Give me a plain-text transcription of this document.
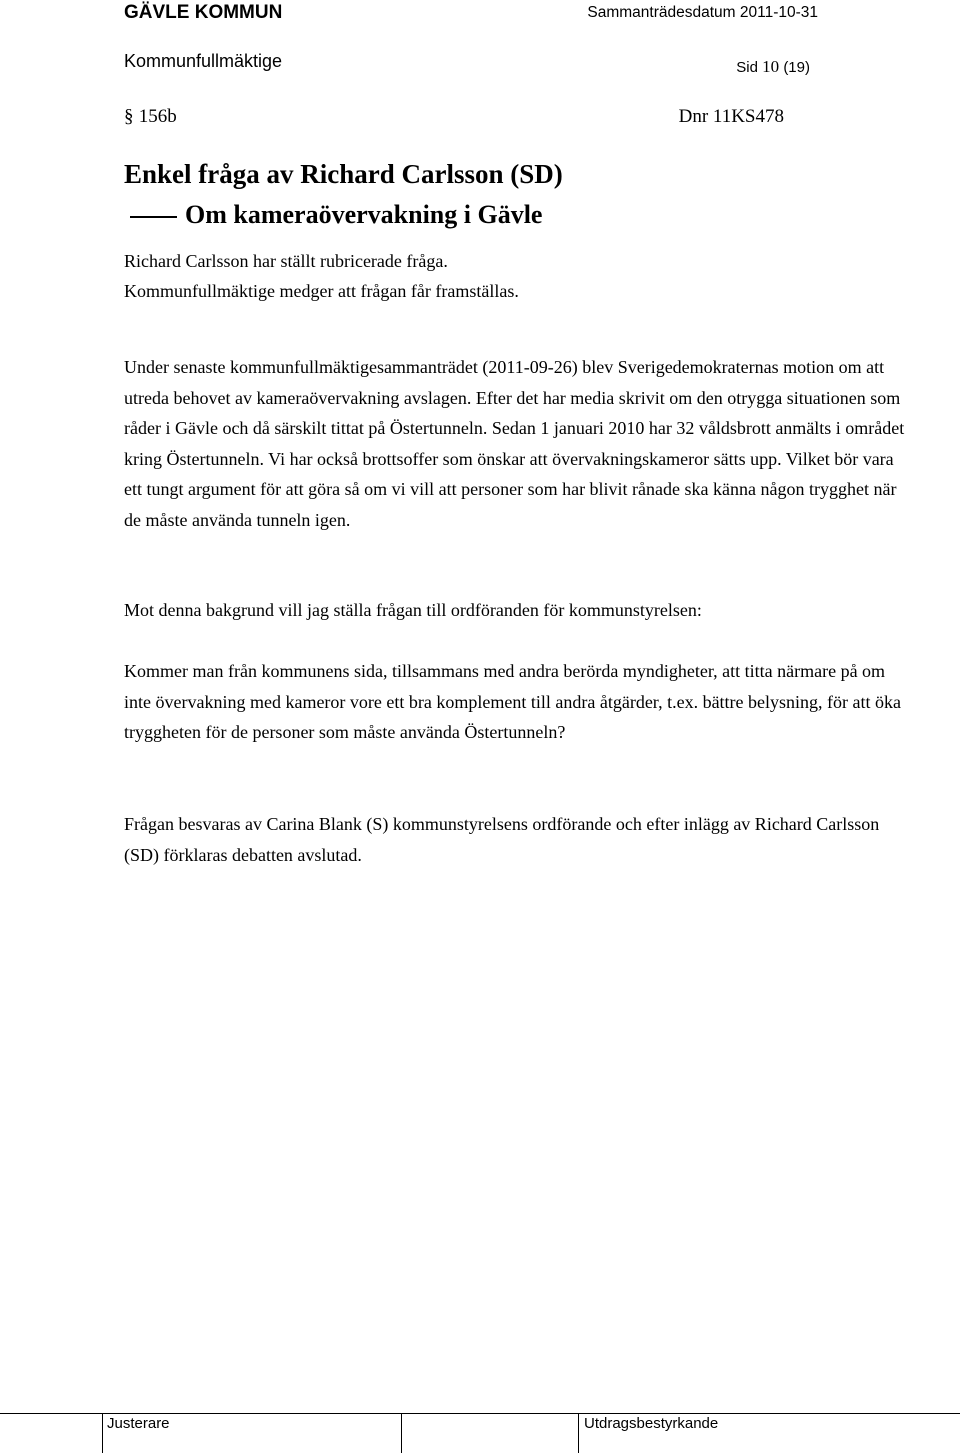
GÄVLE KOMMUN	Sammanträdesdatum 2011-10-31
Kommunfullmäktige	Sid 10 (19)
§ 156b	Dnr 11KS478
Enkel fråga av Richard Carlsson (SD)
Om kameraövervakning i Gävle

Richard Carlsson har ställt rubricerade fråga.

Kommunfullmäktige medger att frågan får framställas.

Under senaste kommunfullmäktigesammanträdet (2011-09-26) blev Sverigedemokraternas motion om att utreda behovet av kameraövervakning avslagen. Efter det har media skrivit om den otrygga situationen som råder i Gävle och då särskilt tittat på Östertunneln. Sedan 1 januari 2010 har 32 våldsbrott anmälts i området kring Östertunneln. Vi har också brottsoffer som önskar att övervakningskameror sätts upp. Vilket bör vara ett tungt argument för att göra så om vi vill att personer som har blivit rånade ska känna någon trygghet när de måste använda tunneln igen.

Mot denna bakgrund vill jag ställa frågan till ordföranden för kommunstyrelsen:

Kommer man från kommunens sida, tillsammans med andra berörda myndigheter, att titta närmare på om inte övervakning med kameror vore ett bra komplement till andra åtgärder, t.ex. bättre belysning, för att öka tryggheten för de personer som måste använda Östertunneln?

Frågan besvaras av Carina Blank (S) kommunstyrelsens ordförande och efter inlägg av Richard Carlsson (SD) förklaras debatten avslutad.

Justerare	Utdragsbestyrkande
